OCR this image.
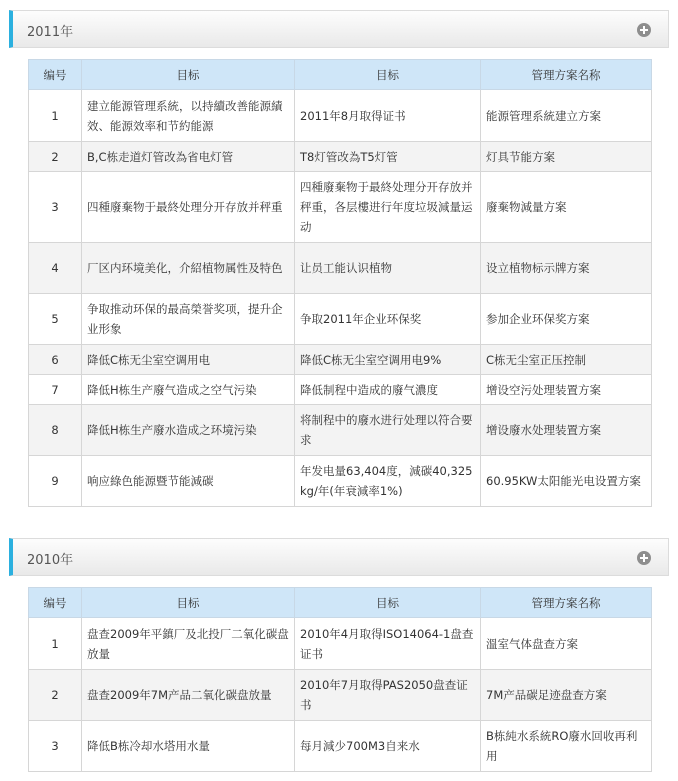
2011年
编号	目标	目标	管理方案名称
1	建立能源管理系統，以持續改善能源績效、能源效率和节約能源	2011年8月取得证书	能源管理系統建立方案
2	B,C栋走道灯管改為省电灯管	T8灯管改為T5灯管	灯具节能方案
3	四種廢棄物于最終处理分开存放并秤重	四種廢棄物于最終处理分开存放并秤重，各层樓进行年度垃圾減量运动	廢棄物減量方案
4	厂区内环境美化，介紹植物属性及特色	让员工能认识植物	设立植物标示牌方案
5	争取推动环保的最高榮誉奖项，提升企业形象	争取2011年企业环保奖	参加企业环保奖方案
6	降低C栋无尘室空调用电	降低C栋无尘室空调用电9%	C栋无尘室正压控制
7	降低H栋生产廢气造成之空气污染	降低制程中造成的廢气濃度	增设空污处理装置方案
8	降低H栋生产廢水造成之环境污染	将制程中的廢水进行处理以符合要求	增设廢水处理装置方案
9	响应綠色能源暨节能減碳	年发电量63,404度，減碳40,325kg/年(年衰減率1%)	60.95KW太阳能光电设置方案
2010年
编号	目标	目标	管理方案名称
1	盘查2009年平鎮厂及北投厂二氧化碳盘放量	2010年4月取得ISO14064-1盘查证书	溫室气体盘查方案
2	盘查2009年7M产品二氧化碳盘放量	2010年7月取得PAS2050盘查证书	7M产品碳足迹盘查方案
3	降低B栋冷却水塔用水量	每月減少700M3自来水	B栋純水系統RO廢水回收再利用
